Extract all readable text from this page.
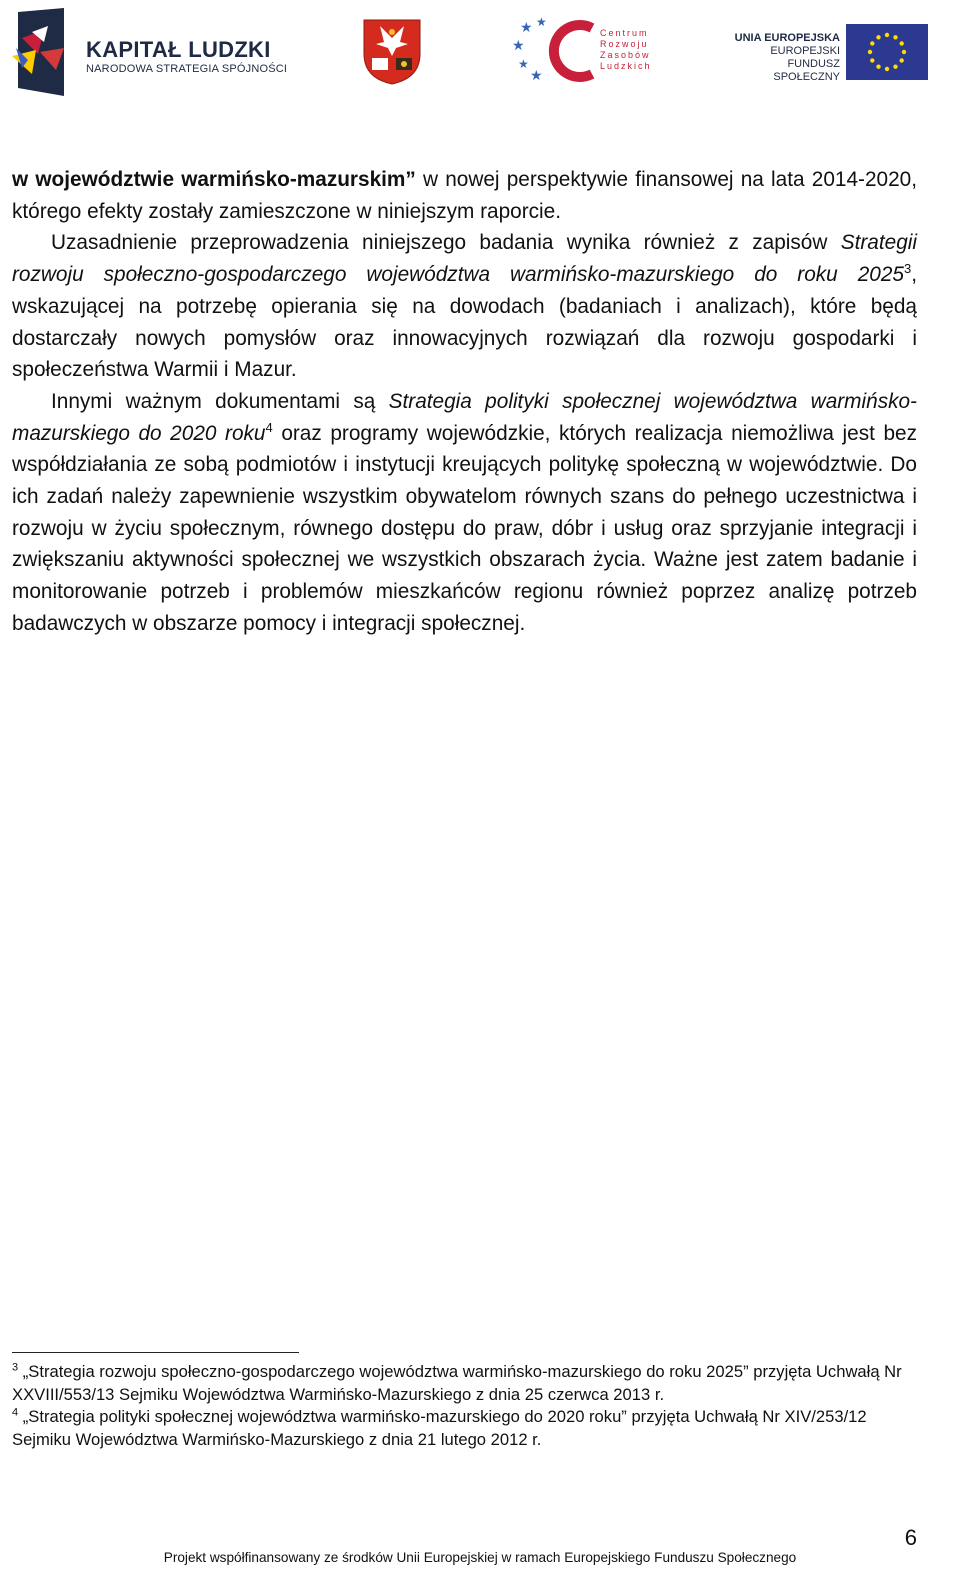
KAPITAŁ LUDZKI
NARODOWA STRATEGIA SPÓJNOŚCI
★ ★
★
★
★
Centrum
Rozwoju
Zasobów
Ludzkich
UNIA EUROPEJSKA
EUROPEJSKI
FUNDUSZ SPOŁECZNY

w województwie warmińsko-mazurskim” w nowej perspektywie finansowej na lata 2014-2020, którego efekty zostały zamieszczone w niniejszym raporcie.

Uzasadnienie przeprowadzenia niniejszego badania wynika również z zapisów Strategii rozwoju społeczno-gospodarczego województwa warmińsko-mazurskiego do roku 2025$^3$, wskazującej na potrzebę opierania się na dowodach (badaniach i analizach), które będą dostarczały nowych pomysłów oraz innowacyjnych rozwiązań dla rozwoju gospodarki i społeczeństwa Warmii i Mazur.

Innymi ważnym dokumentami są Strategia polityki społecznej województwa warmińsko-mazurskiego do 2020 roku$^4$ oraz programy wojewódzkie, których realizacja niemożliwa jest bez współdziałania ze sobą podmiotów i instytucji kreujących politykę społeczną w województwie. Do ich zadań należy zapewnienie wszystkim obywatelom równych szans do pełnego uczestnictwa i rozwoju w życiu społecznym, równego dostępu do praw, dóbr i usług oraz sprzyjanie integracji i zwiększaniu aktywności społecznej we wszystkich obszarach życia. Ważne jest zatem badanie i monitorowanie potrzeb i problemów mieszkańców regionu również poprzez analizę potrzeb badawczych w obszarze pomocy i integracji społecznej.

$^3$ „Strategia rozwoju społeczno-gospodarczego województwa warmińsko-mazurskiego do roku 2025” przyjęta Uchwałą Nr XXVIII/553/13 Sejmiku Województwa Warmińsko-Mazurskiego z dnia 25 czerwca 2013 r.

$^4$ „Strategia polityki społecznej województwa warmińsko-mazurskiego do 2020 roku” przyjęta Uchwałą Nr XIV/253/12 Sejmiku Województwa Warmińsko-Mazurskiego z dnia 21 lutego 2012 r.

6
Projekt współfinansowany ze środków Unii Europejskiej w ramach Europejskiego Funduszu Społecznego
